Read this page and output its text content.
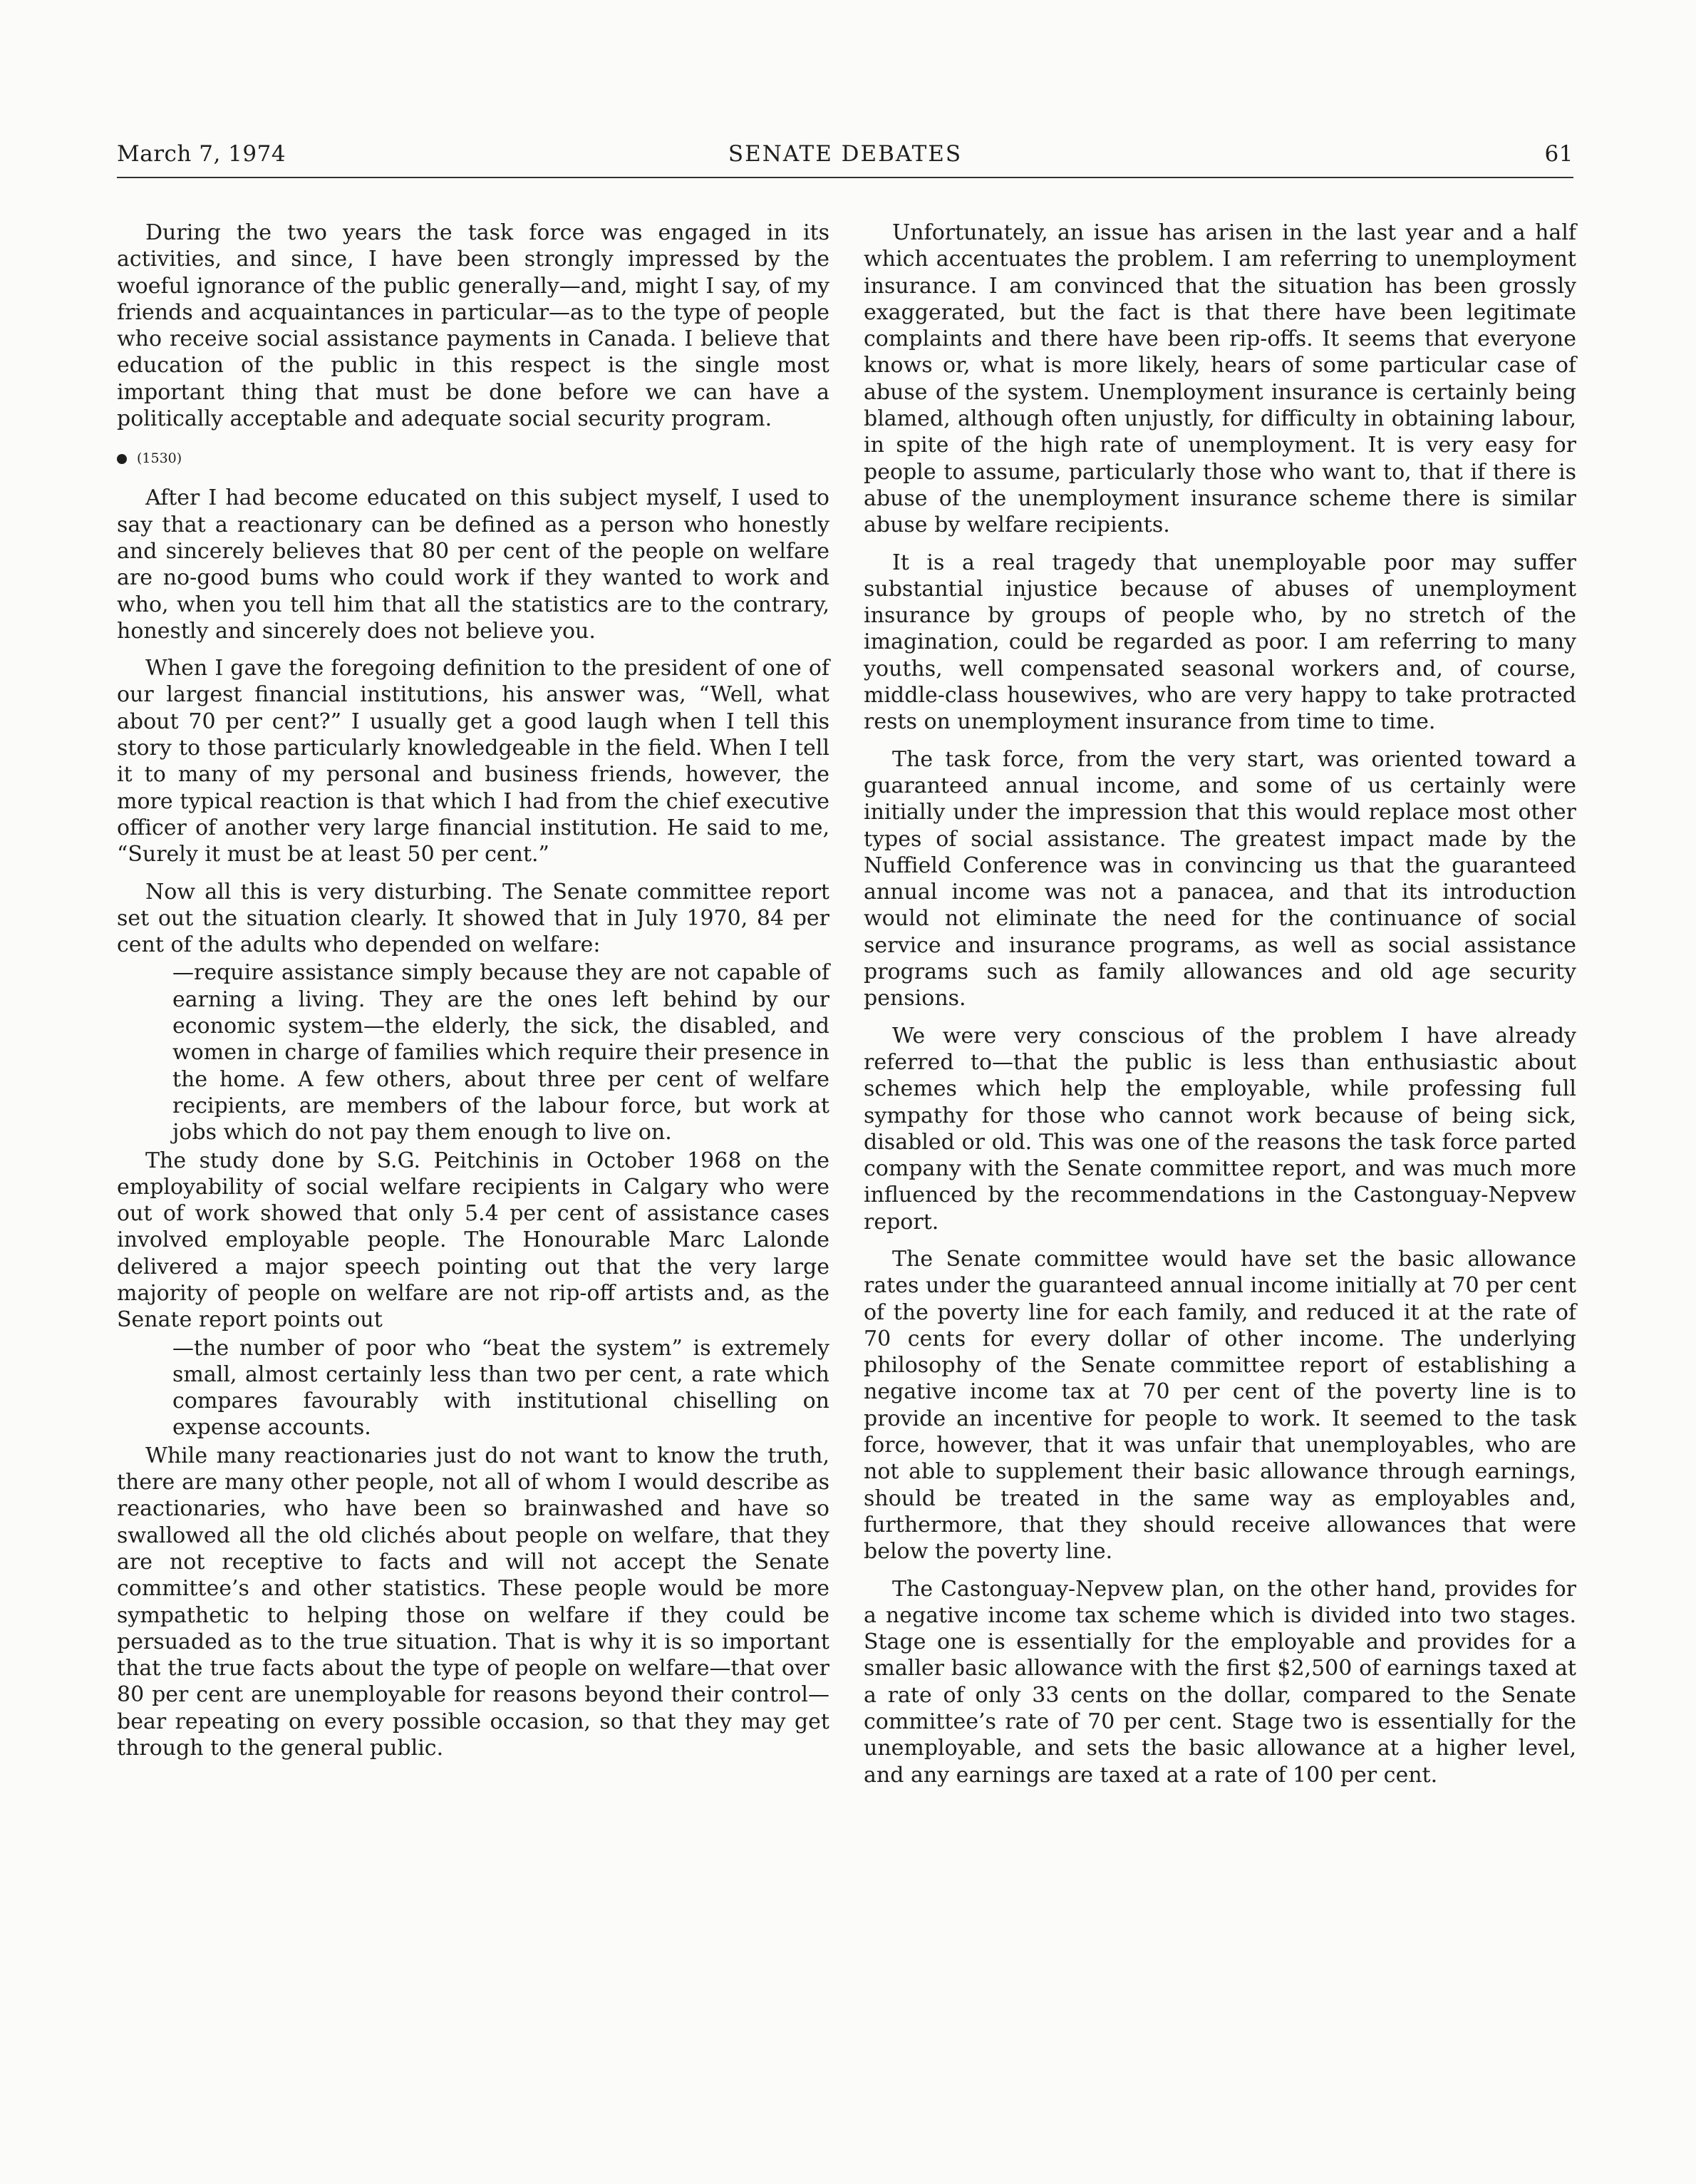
March 7, 1974	SENATE DEBATES	61

During the two years the task force was engaged in its activities, and since, I have been strongly impressed by the woeful ignorance of the public generally—and, might I say, of my friends and acquaintances in particular—as to the type of people who receive social assistance payments in Canada. I believe that education of the public in this respect is the single most important thing that must be done before we can have a politically acceptable and adequate social security program.

(1530)

After I had become educated on this subject myself, I used to say that a reactionary can be defined as a person who honestly and sincerely believes that 80 per cent of the people on welfare are no-good bums who could work if they wanted to work and who, when you tell him that all the statistics are to the contrary, honestly and sincerely does not believe you.

When I gave the foregoing definition to the president of one of our largest financial institutions, his answer was, “Well, what about 70 per cent?” I usually get a good laugh when I tell this story to those particularly knowledgeable in the field. When I tell it to many of my personal and business friends, however, the more typical reaction is that which I had from the chief executive officer of another very large financial institution. He said to me, “Surely it must be at least 50 per cent.”

Now all this is very disturbing. The Senate committee report set out the situation clearly. It showed that in July 1970, 84 per cent of the adults who depended on welfare:

—require assistance simply because they are not capable of earning a living. They are the ones left behind by our economic system—the elderly, the sick, the disabled, and women in charge of families which require their presence in the home. A few others, about three per cent of welfare recipients, are members of the labour force, but work at jobs which do not pay them enough to live on.

The study done by S.G. Peitchinis in October 1968 on the employability of social welfare recipients in Calgary who were out of work showed that only 5.4 per cent of assistance cases involved employable people. The Honourable Marc Lalonde delivered a major speech pointing out that the very large majority of people on welfare are not rip-off artists and, as the Senate report points out

—the number of poor who “beat the system” is extremely small, almost certainly less than two per cent, a rate which compares favourably with institutional chiselling on expense accounts.

While many reactionaries just do not want to know the truth, there are many other people, not all of whom I would describe as reactionaries, who have been so brainwashed and have so swallowed all the old clichés about people on welfare, that they are not receptive to facts and will not accept the Senate committee’s and other statistics. These people would be more sympathetic to helping those on welfare if they could be persuaded as to the true situation. That is why it is so important that the true facts about the type of people on welfare—that over 80 per cent are unemployable for reasons beyond their control—bear repeating on every possible occasion, so that they may get through to the general public.

Unfortunately, an issue has arisen in the last year and a half which accentuates the problem. I am referring to unemployment insurance. I am convinced that the situation has been grossly exaggerated, but the fact is that there have been legitimate complaints and there have been rip-offs. It seems that everyone knows or, what is more likely, hears of some particular case of abuse of the system. Unemployment insurance is certainly being blamed, although often unjustly, for difficulty in obtaining labour, in spite of the high rate of unemployment. It is very easy for people to assume, particularly those who want to, that if there is abuse of the unemployment insurance scheme there is similar abuse by welfare recipients.

It is a real tragedy that unemployable poor may suffer substantial injustice because of abuses of unemployment insurance by groups of people who, by no stretch of the imagination, could be regarded as poor. I am referring to many youths, well compensated seasonal workers and, of course, middle-class housewives, who are very happy to take protracted rests on unemployment insurance from time to time.

The task force, from the very start, was oriented toward a guaranteed annual income, and some of us certainly were initially under the impression that this would replace most other types of social assistance. The greatest impact made by the Nuffield Conference was in convincing us that the guaranteed annual income was not a panacea, and that its introduction would not eliminate the need for the continuance of social service and insurance programs, as well as social assistance programs such as family allowances and old age security pensions.

We were very conscious of the problem I have already referred to—that the public is less than enthusiastic about schemes which help the employable, while professing full sympathy for those who cannot work because of being sick, disabled or old. This was one of the reasons the task force parted company with the Senate committee report, and was much more influenced by the recommendations in the Castonguay-Nepvew report.

The Senate committee would have set the basic allowance rates under the guaranteed annual income initially at 70 per cent of the poverty line for each family, and reduced it at the rate of 70 cents for every dollar of other income. The underlying philosophy of the Senate committee report of establishing a negative income tax at 70 per cent of the poverty line is to provide an incentive for people to work. It seemed to the task force, however, that it was unfair that unemployables, who are not able to supplement their basic allowance through earnings, should be treated in the same way as employables and, furthermore, that they should receive allowances that were below the poverty line.

The Castonguay-Nepvew plan, on the other hand, provides for a negative income tax scheme which is divided into two stages. Stage one is essentially for the employable and provides for a smaller basic allowance with the first $2,500 of earnings taxed at a rate of only 33 cents on the dollar, compared to the Senate committee’s rate of 70 per cent. Stage two is essentially for the unemployable, and sets the basic allowance at a higher level, and any earnings are taxed at a rate of 100 per cent.
